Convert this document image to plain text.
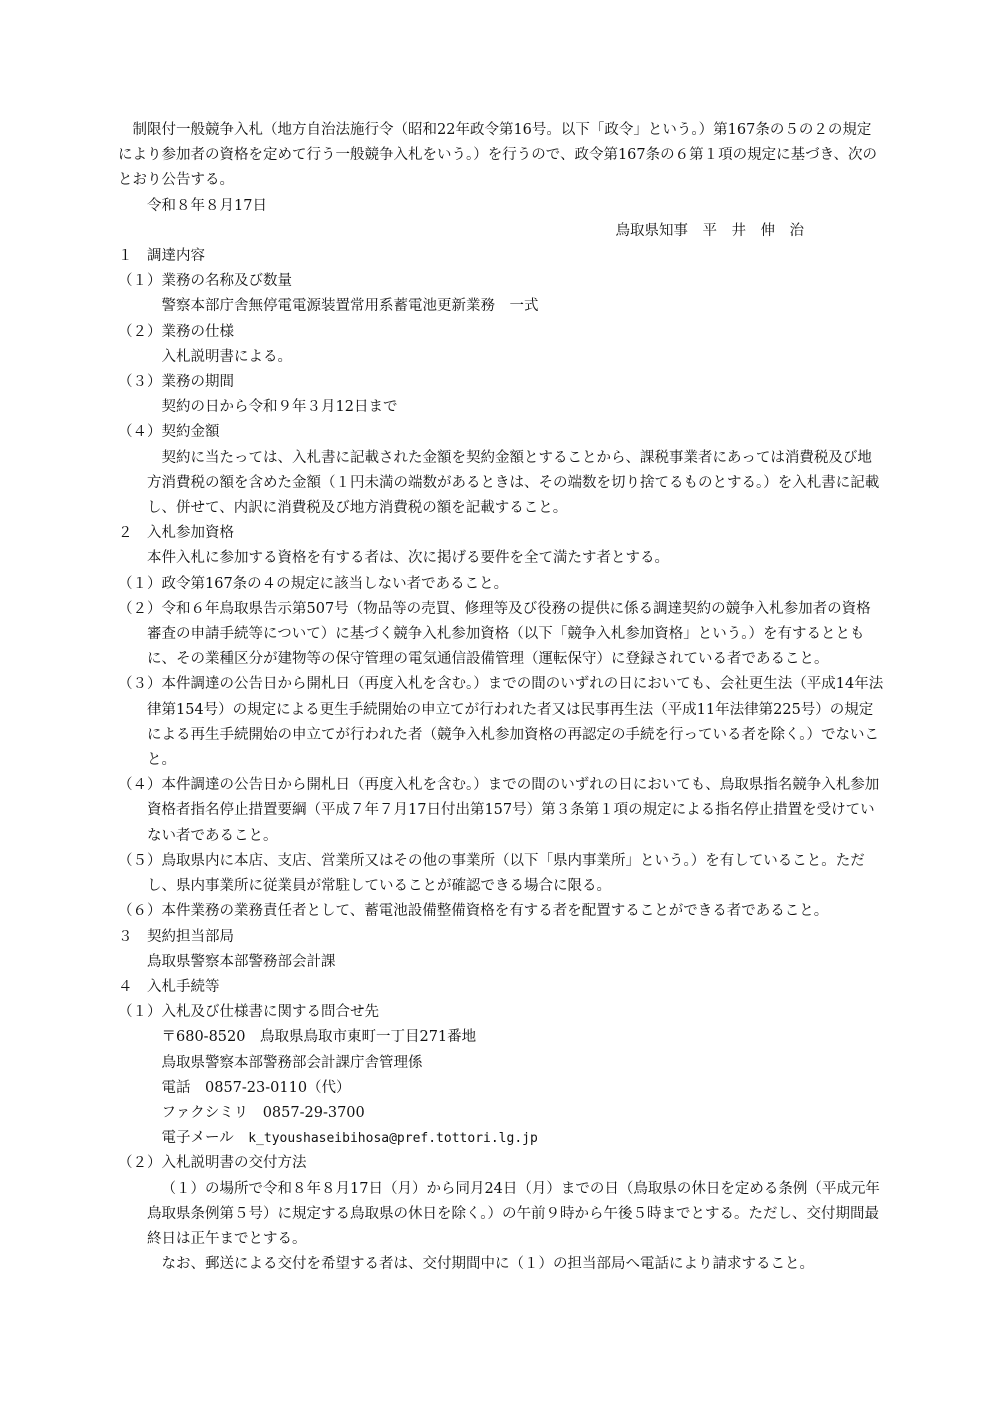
制限付一般競争入札（地方自治法施行令（昭和22年政令第16号。以下「政令」という。）第167条の５の２の規定により参加者の資格を定めて行う一般競争入札をいう。）を行うので、政令第167条の６第１項の規定に基づき、次のとおり公告する。

令和８年８月17日

鳥取県知事　平　井　伸　治

１　調達内容

（１）業務の名称及び数量

警察本部庁舎無停電電源装置常用系蓄電池更新業務　一式

（２）業務の仕様

入札説明書による。

（３）業務の期間

契約の日から令和９年３月12日まで

（４）契約金額

契約に当たっては、入札書に記載された金額を契約金額とすることから、課税事業者にあっては消費税及び地方消費税の額を含めた金額（１円未満の端数があるときは、その端数を切り捨てるものとする。）を入札書に記載し、併せて、内訳に消費税及び地方消費税の額を記載すること。

２　入札参加資格

本件入札に参加する資格を有する者は、次に掲げる要件を全て満たす者とする。

（１）政令第167条の４の規定に該当しない者であること。

（２）令和６年鳥取県告示第507号（物品等の売買、修理等及び役務の提供に係る調達契約の競争入札参加者の資格審査の申請手続等について）に基づく競争入札参加資格（以下「競争入札参加資格」という。）を有するとともに、その業種区分が建物等の保守管理の電気通信設備管理（運転保守）に登録されている者であること。

（３）本件調達の公告日から開札日（再度入札を含む。）までの間のいずれの日においても、会社更生法（平成14年法律第154号）の規定による更生手続開始の申立てが行われた者又は民事再生法（平成11年法律第225号）の規定による再生手続開始の申立てが行われた者（競争入札参加資格の再認定の手続を行っている者を除く。）でないこと。

（４）本件調達の公告日から開札日（再度入札を含む。）までの間のいずれの日においても、鳥取県指名競争入札参加資格者指名停止措置要綱（平成７年７月17日付出第157号）第３条第１項の規定による指名停止措置を受けていない者であること。

（５）鳥取県内に本店、支店、営業所又はその他の事業所（以下「県内事業所」という。）を有していること。ただし、県内事業所に従業員が常駐していることが確認できる場合に限る。

（６）本件業務の業務責任者として、蓄電池設備整備資格を有する者を配置することができる者であること。

３　契約担当部局

鳥取県警察本部警務部会計課

４　入札手続等

（１）入札及び仕様書に関する問合せ先

〒680-8520　鳥取県鳥取市東町一丁目271番地

鳥取県警察本部警務部会計課庁舎管理係

電話　0857-23-0110（代）

ファクシミリ　0857-29-3700

電子メール　k_tyoushaseibihosa@pref.tottori.lg.jp

（２）入札説明書の交付方法

（１）の場所で令和８年８月17日（月）から同月24日（月）までの日（鳥取県の休日を定める条例（平成元年鳥取県条例第５号）に規定する鳥取県の休日を除く。）の午前９時から午後５時までとする。ただし、交付期間最終日は正午までとする。

なお、郵送による交付を希望する者は、交付期間中に（１）の担当部局へ電話により請求すること。
